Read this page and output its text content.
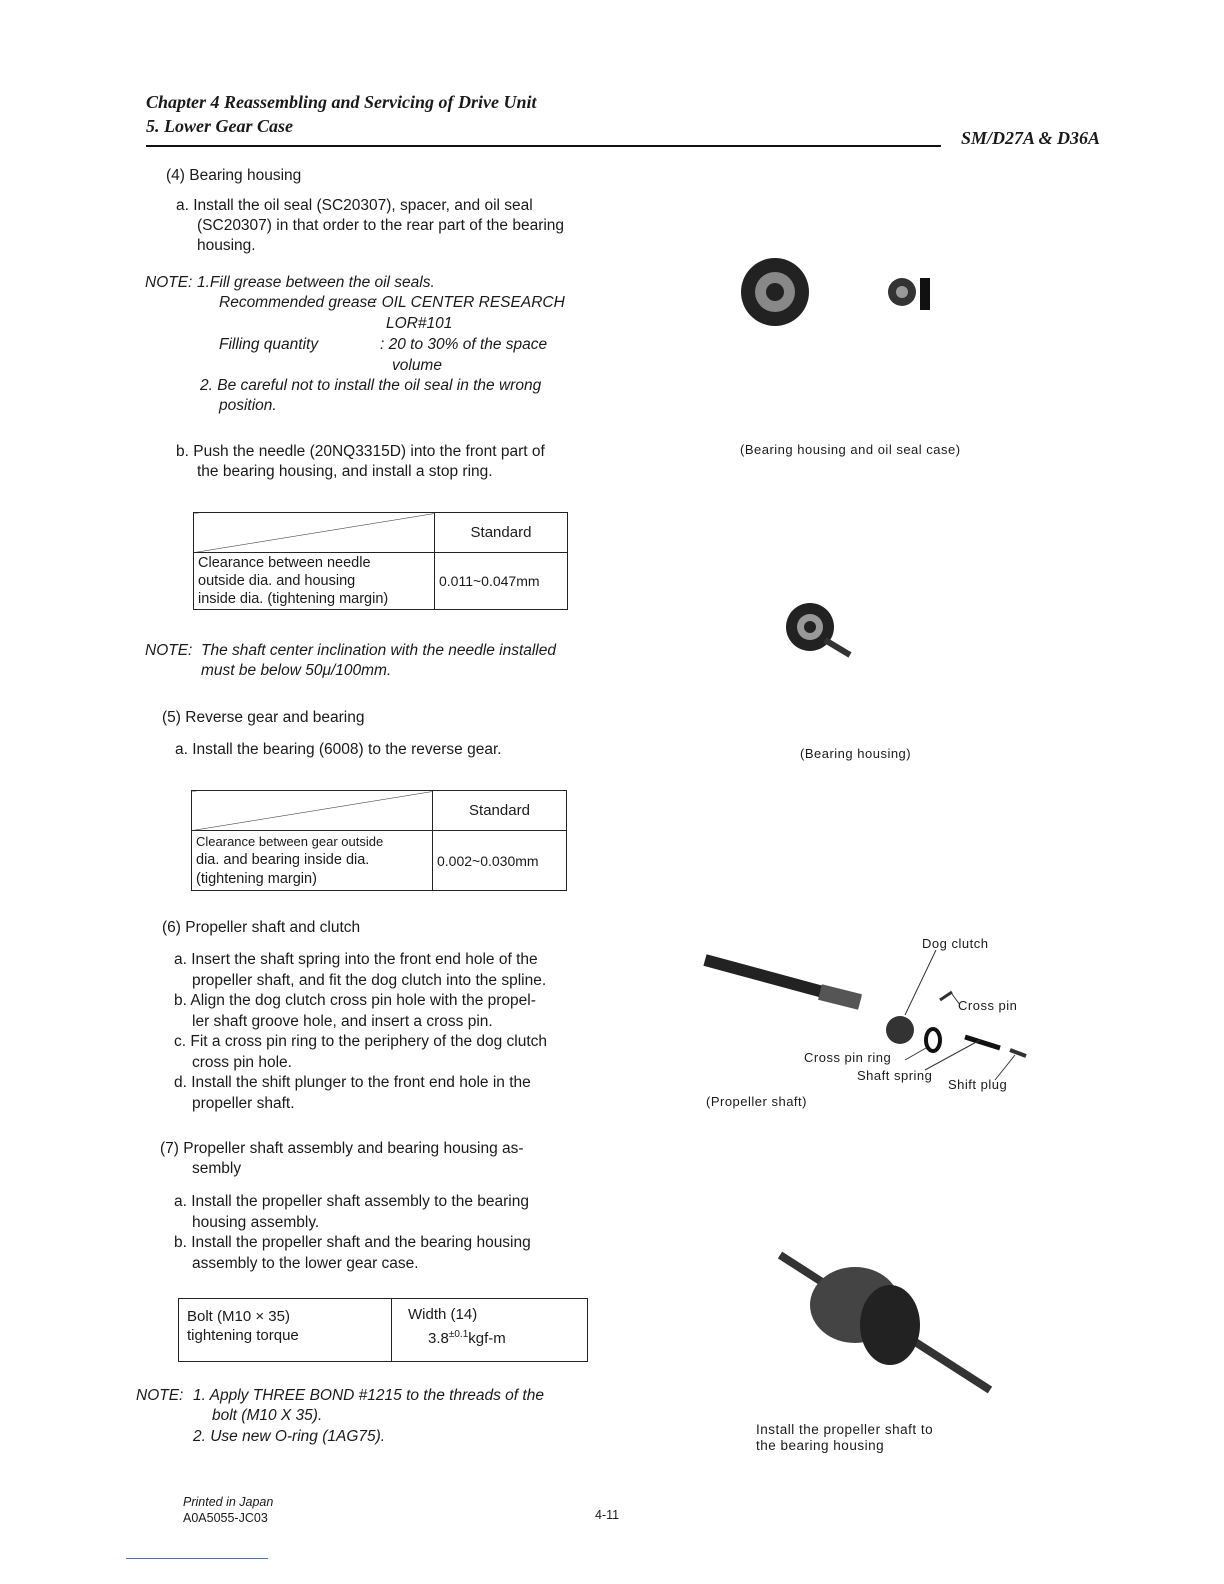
Chapter 4 Reassembling and Servicing of Drive Unit
5. Lower Gear Case
SM/D27A & D36A
(4) Bearing housing
a. Install the oil seal (SC20307), spacer, and oil seal
(SC20307) in that order to the rear part of the bearing
housing.
NOTE: 1.Fill grease between the oil seals.
Recommended grease
: OIL CENTER RESEARCH
LOR#101
Filling quantity	: 20 to 30% of the space
volume
2. Be careful not to install the oil seal in the wrong
position.
b. Push the needle (20NQ3315D) into the front part of
the bearing housing, and install a stop ring.
	Standard

Clearance between needle
outside dia. and housing
inside dia. (tightening margin)	0.011~0.047mm
NOTE: The shaft center inclination with the needle installed
must be below 50μ/100mm.
(5) Reverse gear and bearing
a. Install the bearing (6008) to the reverse gear.
	Standard

Clearance between gear outside
dia. and bearing inside dia.
(tightening margin)	0.002~0.030mm
(6) Propeller shaft and clutch
a. Insert the shaft spring into the front end hole of the
propeller shaft, and fit the dog clutch into the spline.
b. Align the dog clutch cross pin hole with the propel-
ler shaft groove hole, and insert a cross pin.
c. Fit a cross pin ring to the periphery of the dog clutch
cross pin hole.
d. Install the shift plunger to the front end hole in the
propeller shaft.
(7) Propeller shaft assembly and bearing housing as-
sembly
a. Install the propeller shaft assembly to the bearing
housing assembly.
b. Install the propeller shaft and the bearing housing
assembly to the lower gear case.
Bolt (M10 × 35)
tightening torque

Width (14)
$3.8^{\pm 0.1}kgf-m$
NOTE: 1. Apply THREE BOND #1215 to the threads of the
bolt (M10 X 35).
2. Use new O-ring (1AG75).
(Bearing housing and oil seal case)
(Bearing housing)
Dog clutch
Cross pin
Cross pin ring
Shaft spring
Shift plug
(Propeller shaft)
Install the propeller shaft to
the bearing housing
Printed in Japan
A0A5055-JC03	4-11
